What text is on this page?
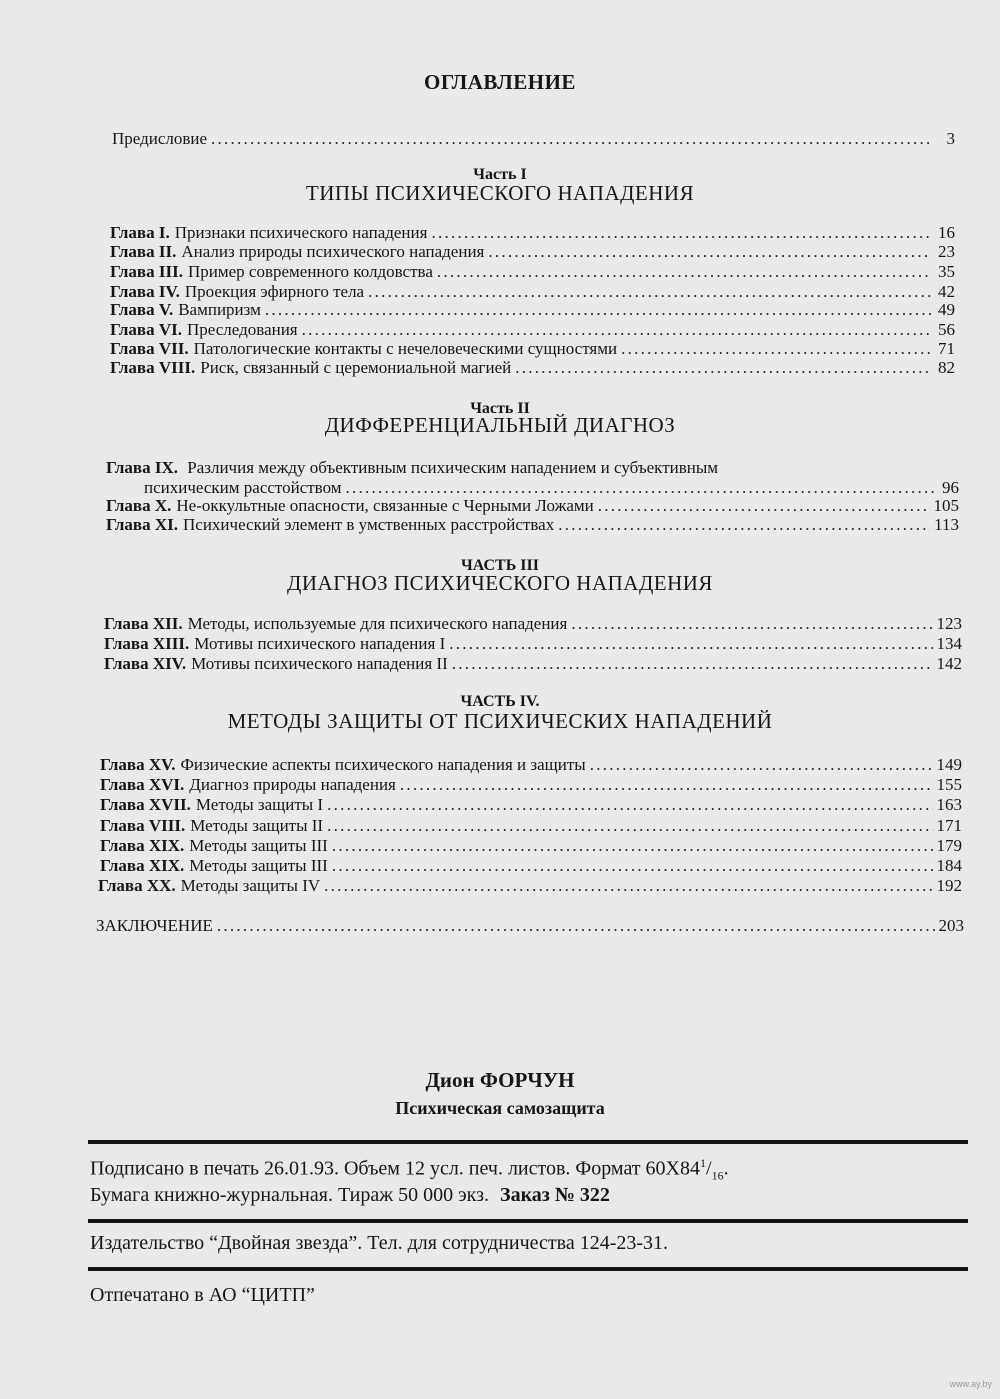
ОГЛАВЛЕНИЕ
Предисловие . . .	3
Часть I
ТИПЫ ПСИХИЧЕСКОГО НАПАДЕНИЯ
Глава I. Признаки психического нападения . . .	16
Глава II. Анализ природы психического нападения . . .	23
Глава III. Пример современного колдовства . . .	35
Глава IV. Проекция эфирного тела . . .	42
Глава V. Вампиризм . . .	49
Глава VI. Преследования . . .	56
Глава VII. Патологические контакты с нечеловеческими сущностями . . .	71
Глава VIII. Риск, связанный с церемониальной магией . . .	82
Часть II
ДИФФЕРЕНЦИАЛЬНЫЙ ДИАГНОЗ
Глава IX. Различия между объективным психическим нападением и субъективным
психическим расстойством . . .	96
Глава X. Не-оккультные опасности, связанные с Черными Ложами . . .	105
Глава XI. Психический элемент в умственных расстройствах . . .	113
ЧАСТЬ III
ДИАГНОЗ ПСИХИЧЕСКОГО НАПАДЕНИЯ
Глава XII. Методы, используемые для психического нападения . . .	123
Глава XIII. Мотивы психического нападения I . . .	134
Глава XIV. Мотивы психического нападения II . . .	142
ЧАСТЬ IV.
МЕТОДЫ ЗАЩИТЫ ОТ ПСИХИЧЕСКИХ НАПАДЕНИЙ
Глава XV. Физические аспекты психического нападения и защиты . . .	149
Глава XVI. Диагноз природы нападения . . .	155
Глава XVII. Методы защиты I . . .	163
Глава VIII. Методы защиты II . . .	171
Глава XIX. Методы защиты III . . .	179
Глава XIX. Методы защиты III . . .	184
Глава XX. Методы защиты IV . . .	192
ЗАКЛЮЧЕНИЕ . . .	203
Дион ФОРЧУН
Психическая самозащита
Подписано в печать 26.01.93. Объем 12 усл. печ. листов. Формат $60X84^1/_{16}$.
Бумага книжно-журнальная. Тираж 50 000 экз. Заказ № 322
Издательство “Двойная звезда”. Тел. для сотрудничества 124-23-31.
Отпечатано в АО “ЦИТП”
www.ay.by
